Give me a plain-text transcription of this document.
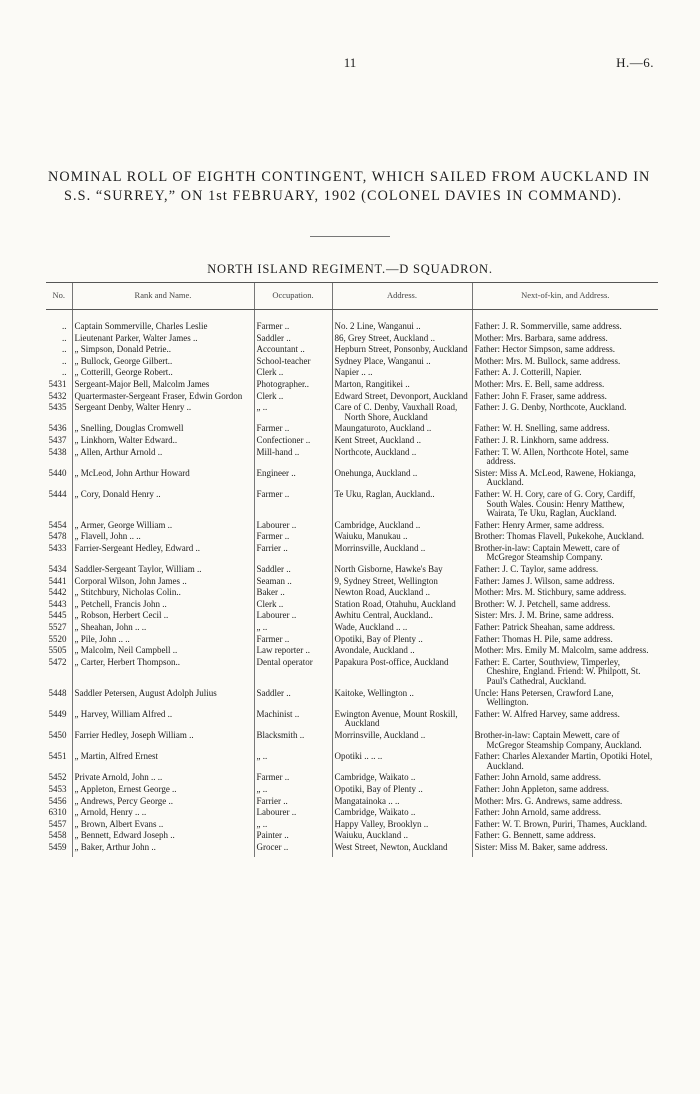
11	H.—6.
NOMINAL ROLL OF EIGHTH CONTINGENT, WHICH SAILED FROM AUCKLAND IN S.S. “SURREY,” ON 1st FEBRUARY, 1902 (COLONEL DAVIES IN COMMAND).
NORTH ISLAND REGIMENT.—D SQUADRON.
No.	Rank and Name.	Occupation.	Address.	Next-of-kin, and Address.
..	Captain Sommerville, Charles Leslie	Farmer ..	No. 2 Line, Wanganui ..	Father: J. R. Sommerville, same address.

..	Lieutenant Parker, Walter James ..	Saddler ..	86, Grey Street, Auckland ..	Mother: Mrs. Barbara, same address.

..	„ Simpson, Donald Petrie..	Accountant ..	Hepburn Street, Ponsonby, Auckland	Father: Hector Simpson, same address.

..	„ Bullock, George Gilbert..	School-teacher	Sydney Place, Wanganui ..	Mother: Mrs. M. Bullock, same address.

..	„ Cotterill, George Robert..	Clerk ..	Napier .. ..	Father: A. J. Cotterill, Napier.

5431	Sergeant-Major Bell, Malcolm James	Photographer..	Marton, Rangitikei ..	Mother: Mrs. E. Bell, same address.

5432	Quartermaster-Sergeant Fraser, Edwin Gordon	Clerk ..	Edward Street, Devonport, Auckland	Father: John F. Fraser, same address.

5435	Sergeant Denby, Walter Henry ..	„ ..	Care of C. Denby, Vauxhall Road, North Shore, Auckland	Father: J. G. Denby, Northcote, Auckland.

5436	„ Snelling, Douglas Cromwell	Farmer ..	Maungaturoto, Auckland ..	Father: W. H. Snelling, same address.

5437	„ Linkhorn, Walter Edward..	Confectioner ..	Kent Street, Auckland ..	Father: J. R. Linkhorn, same address.

5438	„ Allen, Arthur Arnold ..	Mill-hand ..	Northcote, Auckland ..	Father: T. W. Allen, Northcote Hotel, same address.

5440	„ McLeod, John Arthur Howard	Engineer ..	Onehunga, Auckland ..	Sister: Miss A. McLeod, Rawene, Hokianga, Auckland.

5444	„ Cory, Donald Henry ..	Farmer ..	Te Uku, Raglan, Auckland..	Father: W. H. Cory, care of G. Cory, Cardiff, South Wales. Cousin: Henry Matthew, Wairata, Te Uku, Raglan, Auckland.

5454	„ Armer, George William ..	Labourer ..	Cambridge, Auckland ..	Father: Henry Armer, same address.

5478	„ Flavell, John .. ..	Farmer ..	Waiuku, Manukau ..	Brother: Thomas Flavell, Pukekohe, Auckland.

5433	Farrier-Sergeant Hedley, Edward ..	Farrier ..	Morrinsville, Auckland ..	Brother-in-law: Captain Mewett, care of McGregor Steamship Company.

5434	Saddler-Sergeant Taylor, William ..	Saddler ..	North Gisborne, Hawke's Bay	Father: J. C. Taylor, same address.

5441	Corporal Wilson, John James ..	Seaman ..	9, Sydney Street, Wellington	Father: James J. Wilson, same address.

5442	„ Stitchbury, Nicholas Colin..	Baker ..	Newton Road, Auckland ..	Mother: Mrs. M. Stichbury, same address.

5443	„ Petchell, Francis John ..	Clerk ..	Station Road, Otahuhu, Auckland	Brother: W. J. Petchell, same address.

5445	„ Robson, Herbert Cecil ..	Labourer ..	Awhitu Central, Auckland..	Sister: Mrs. J. M. Brine, same address.

5527	„ Sheahan, John .. ..	„ ..	Wade, Auckland .. ..	Father: Patrick Sheahan, same address.

5520	„ Pile, John .. ..	Farmer ..	Opotiki, Bay of Plenty ..	Father: Thomas H. Pile, same address.

5505	„ Malcolm, Neil Campbell ..	Law reporter ..	Avondale, Auckland ..	Mother: Mrs. Emily M. Malcolm, same address.

5472	„ Carter, Herbert Thompson..	Dental operator	Papakura Post-office, Auckland	Father: E. Carter, Southview, Timperley, Cheshire, England. Friend: W. Philpott, St. Paul's Cathedral, Auckland.

5448	Saddler Petersen, August Adolph Julius	Saddler ..	Kaitoke, Wellington ..	Uncle: Hans Petersen, Crawford Lane, Wellington.

5449	„ Harvey, William Alfred ..	Machinist ..	Ewington Avenue, Mount Roskill, Auckland	Father: W. Alfred Harvey, same address.

5450	Farrier Hedley, Joseph William ..	Blacksmith ..	Morrinsville, Auckland ..	Brother-in-law: Captain Mewett, care of McGregor Steamship Company, Auckland.

5451	„ Martin, Alfred Ernest	„ ..	Opotiki .. .. ..	Father: Charles Alexander Martin, Opotiki Hotel, Auckland.

5452	Private Arnold, John .. ..	Farmer ..	Cambridge, Waikato ..	Father: John Arnold, same address.

5453	„ Appleton, Ernest George ..	„ ..	Opotiki, Bay of Plenty ..	Father: John Appleton, same address.

5456	„ Andrews, Percy George ..	Farrier ..	Mangatainoka .. ..	Mother: Mrs. G. Andrews, same address.

6310	„ Arnold, Henry .. ..	Labourer ..	Cambridge, Waikato ..	Father: John Arnold, same address.

5457	„ Brown, Albert Evans ..	„ ..	Happy Valley, Brooklyn ..	Father: W. T. Brown, Puriri, Thames, Auckland.

5458	„ Bennett, Edward Joseph ..	Painter ..	Waiuku, Auckland ..	Father: G. Bennett, same address.

5459	„ Baker, Arthur John ..	Grocer ..	West Street, Newton, Auckland	Sister: Miss M. Baker, same address.
